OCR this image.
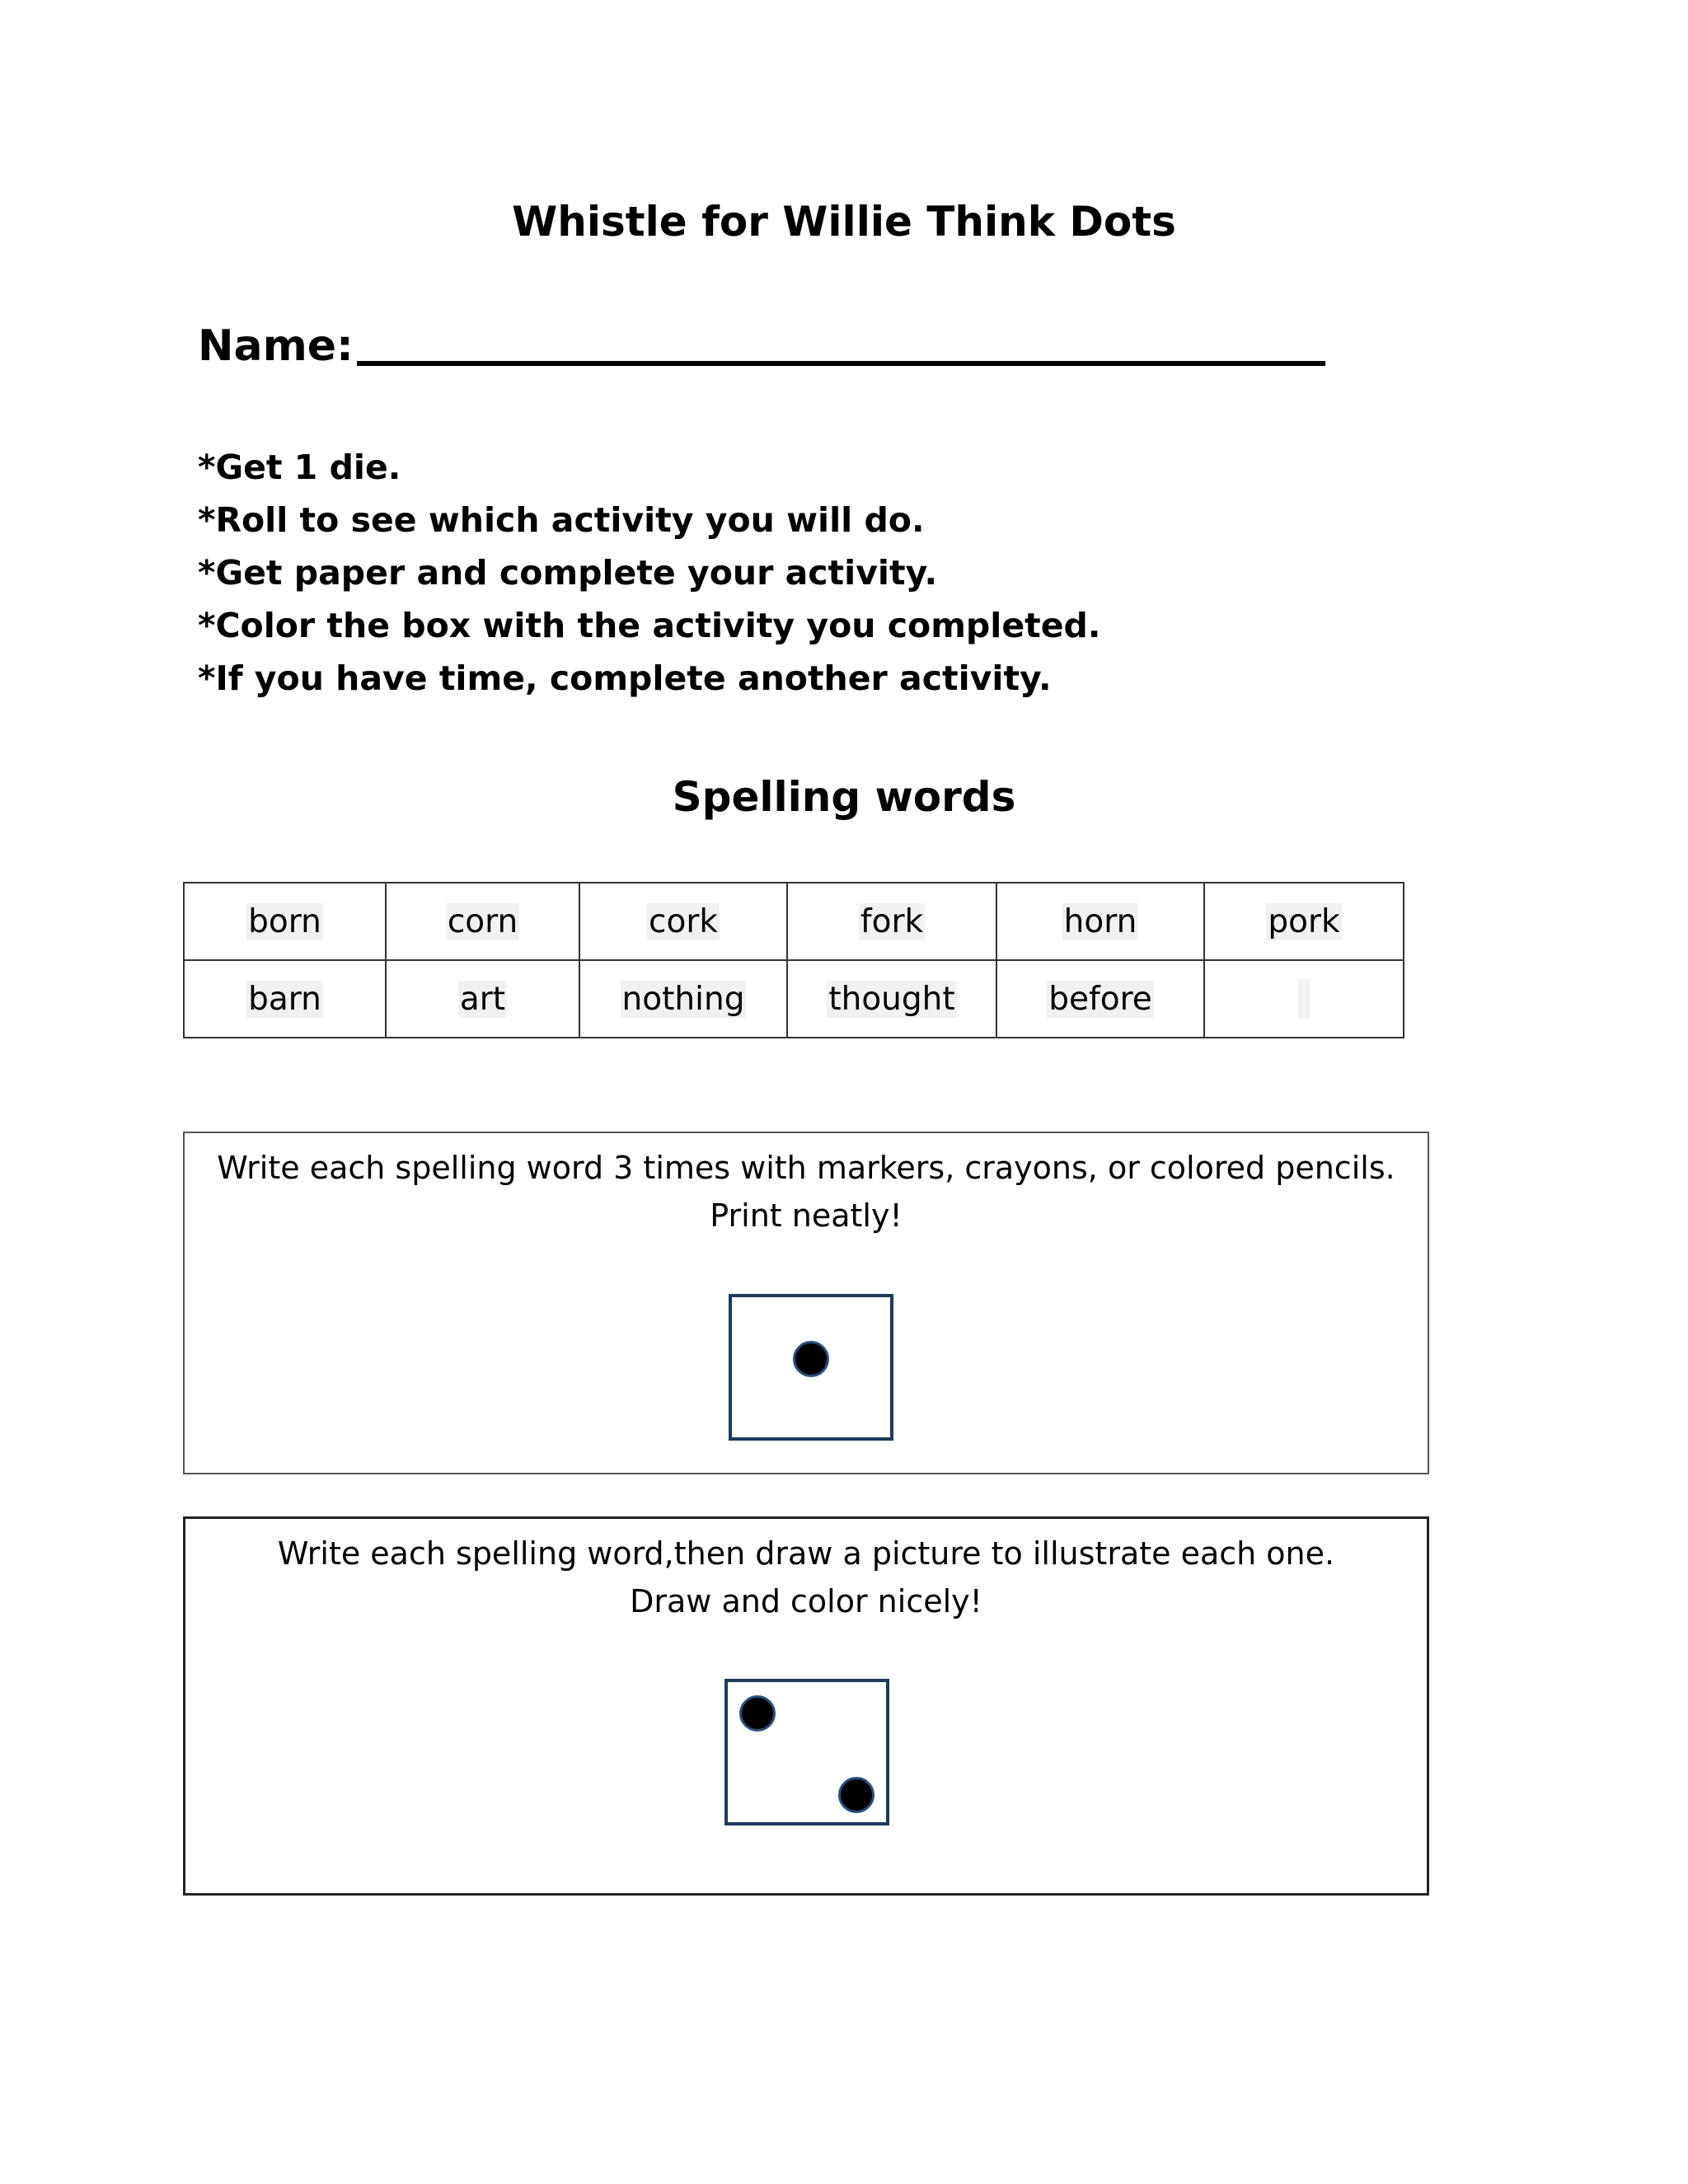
Whistle for Willie Think Dots
Name:
*Get 1 die.
*Roll to see which activity you will do.
*Get paper and complete your activity.
*Color the box with the activity you completed.
*If you have time, complete another activity.
Spelling words
born	corn	cork	fork	horn	pork
barn	art	nothing	thought	before	
Write each spelling word 3 times with markers, crayons, or colored pencils.
Print neatly!
Write each spelling word,then draw a picture to illustrate each one.
Draw and color nicely!
